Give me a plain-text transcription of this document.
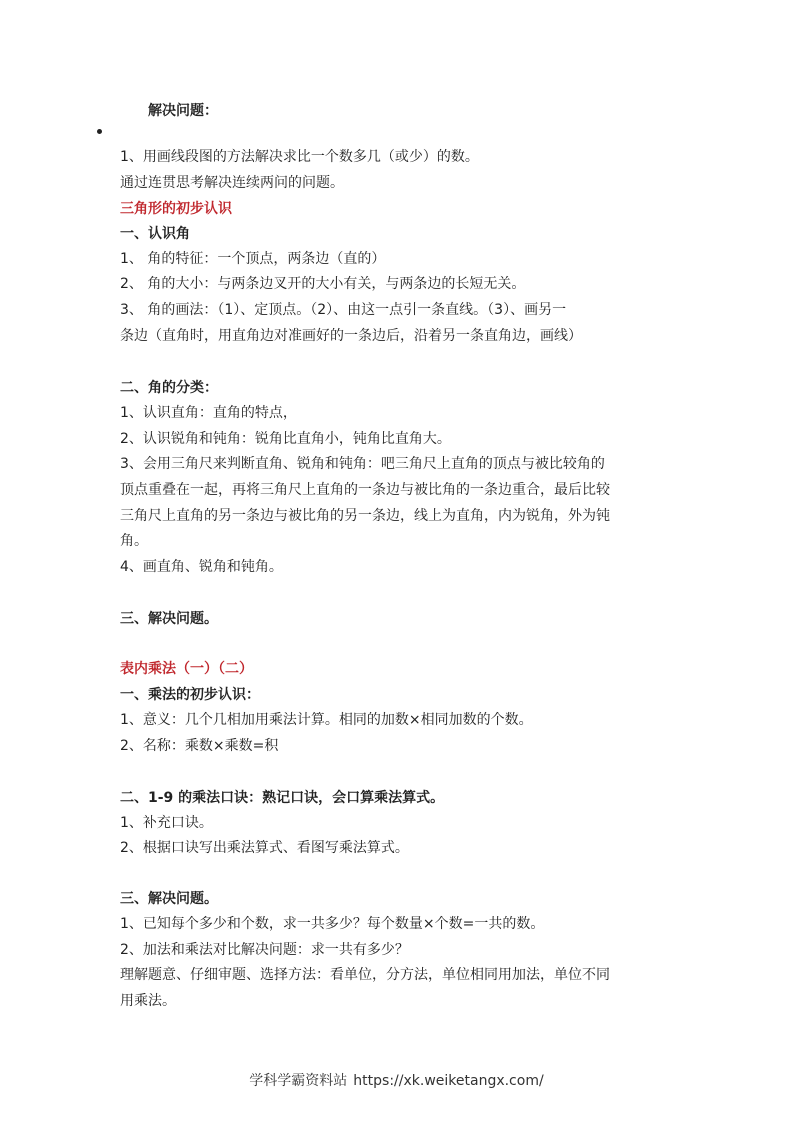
解决问题：

1、用画线段图的方法解决求比一个数多几（或少）的数。

通过连贯思考解决连续两问的问题。

三角形的初步认识

一、认识角

1、 角的特征：一个顶点，两条边（直的）

2、 角的大小：与两条边叉开的大小有关，与两条边的长短无关。

3、 角的画法：（1）、定顶点。（2）、由这一点引一条直线。（3）、画另一

条边（直角时，用直角边对准画好的一条边后，沿着另一条直角边，画线）

二、角的分类：

1、认识直角：直角的特点，

2、认识锐角和钝角：锐角比直角小，钝角比直角大。

3、会用三角尺来判断直角、锐角和钝角：吧三角尺上直角的顶点与被比较角的

顶点重叠在一起，再将三角尺上直角的一条边与被比角的一条边重合，最后比较

三角尺上直角的另一条边与被比角的另一条边，线上为直角，内为锐角，外为钝

角。

4、画直角、锐角和钝角。

三、解决问题。

表内乘法（一）（二）

一、乘法的初步认识：

1、意义：几个几相加用乘法计算。相同的加数×相同加数的个数。

2、名称：乘数×乘数=积

二、1-9 的乘法口诀：熟记口诀，会口算乘法算式。

1、补充口诀。

2、根据口诀写出乘法算式、看图写乘法算式。

三、解决问题。

1、已知每个多少和个数，求一共多少？每个数量×个数=一共的数。

2、加法和乘法对比解决问题：求一共有多少？

理解题意、仔细审题、选择方法：看单位，分方法，单位相同用加法，单位不同

用乘法。

学科学霸资料站 https://xk.weiketangx.com/
